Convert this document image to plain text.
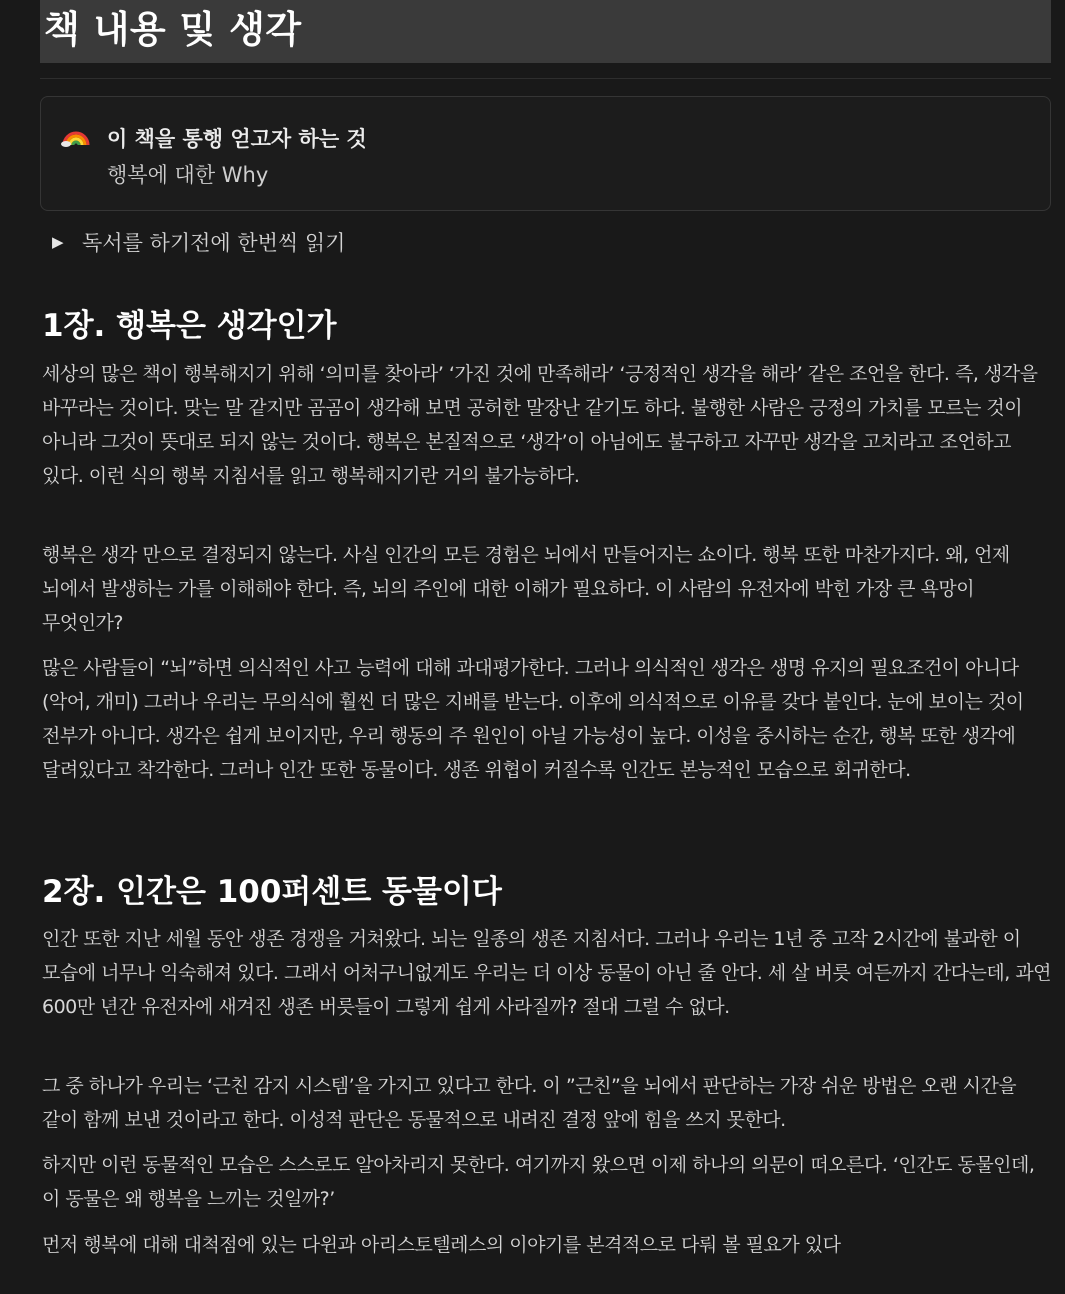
책 내용 및 생각
이 책을 통행 얻고자 하는 것
행복에 대한 Why
▶ 독서를 하기전에 한번씩 읽기
1장. 행복은 생각인가

세상의 많은 책이 행복해지기 위해 ‘의미를 찾아라’ ‘가진 것에 만족해라’ ‘긍정적인 생각을 해라’ 같은 조언을 한다. 즉, 생각을 바꾸라는 것이다. 맞는 말 같지만 곰곰이 생각해 보면 공허한 말장난 같기도 하다. 불행한 사람은 긍정의 가치를 모르는 것이 아니라 그것이 뜻대로 되지 않는 것이다. 행복은 본질적으로 ‘생각’이 아님에도 불구하고 자꾸만 생각을 고치라고 조언하고 있다. 이런 식의 행복 지침서를 읽고 행복해지기란 거의 불가능하다.

행복은 생각 만으로 결정되지 않는다. 사실 인간의 모든 경험은 뇌에서 만들어지는 쇼이다. 행복 또한 마찬가지다. 왜, 언제 뇌에서 발생하는 가를 이해해야 한다. 즉, 뇌의 주인에 대한 이해가 필요하다. 이 사람의 유전자에 박힌 가장 큰 욕망이 무엇인가?

많은 사람들이 “뇌”하면 의식적인 사고 능력에 대해 과대평가한다. 그러나 의식적인 생각은 생명 유지의 필요조건이 아니다 (악어, 개미) 그러나 우리는 무의식에 훨씬 더 많은 지배를 받는다. 이후에 의식적으로 이유를 갖다 붙인다. 눈에 보이는 것이 전부가 아니다. 생각은 쉽게 보이지만, 우리 행동의 주 원인이 아닐 가능성이 높다. 이성을 중시하는 순간, 행복 또한 생각에 달려있다고 착각한다. 그러나 인간 또한 동물이다. 생존 위협이 커질수록 인간도 본능적인 모습으로 회귀한다.

2장. 인간은 100퍼센트 동물이다

인간 또한 지난 세월 동안 생존 경쟁을 거쳐왔다. 뇌는 일종의 생존 지침서다. 그러나 우리는 1년 중 고작 2시간에 불과한 이 모습에 너무나 익숙해져 있다. 그래서 어처구니없게도 우리는 더 이상 동물이 아닌 줄 안다. 세 살 버릇 여든까지 간다는데, 과연 600만 년간 유전자에 새겨진 생존 버릇들이 그렇게 쉽게 사라질까? 절대 그럴 수 없다.

그 중 하나가 우리는 ‘근친 감지 시스템’을 가지고 있다고 한다. 이 ”근친”을 뇌에서 판단하는 가장 쉬운 방법은 오랜 시간을 같이 함께 보낸 것이라고 한다. 이성적 판단은 동물적으로 내려진 결정 앞에 힘을 쓰지 못한다.

하지만 이런 동물적인 모습은 스스로도 알아차리지 못한다. 여기까지 왔으면 이제 하나의 의문이 떠오른다. ‘인간도 동물인데, 이 동물은 왜 행복을 느끼는 것일까?’

먼저 행복에 대해 대척점에 있는 다윈과 아리스토텔레스의 이야기를 본격적으로 다뤄 볼 필요가 있다
